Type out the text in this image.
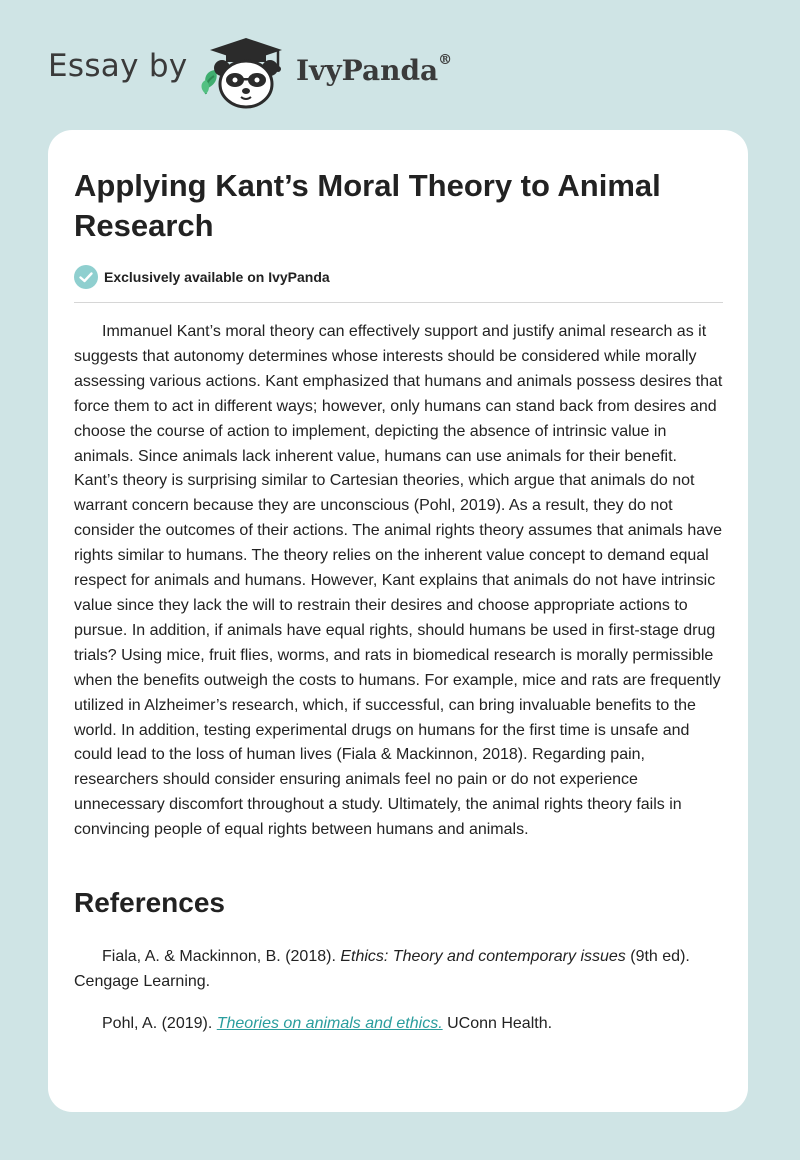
Essay by	IvyPanda®
Applying Kant’s Moral Theory to Animal Research
Exclusively available on IvyPanda

Immanuel Kant’s moral theory can effectively support and justify animal research as it suggests that autonomy determines whose interests should be considered while morally assessing various actions. Kant emphasized that humans and animals possess desires that force them to act in different ways; however, only humans can stand back from desires and choose the course of action to implement, depicting the absence of intrinsic value in animals. Since animals lack inherent value, humans can use animals for their benefit. Kant’s theory is surprising similar to Cartesian theories, which argue that animals do not warrant concern because they are unconscious (Pohl, 2019). As a result, they do not consider the outcomes of their actions. The animal rights theory assumes that animals have rights similar to humans. The theory relies on the inherent value concept to demand equal respect for animals and humans. However, Kant explains that animals do not have intrinsic value since they lack the will to restrain their desires and choose appropriate actions to pursue. In addition, if animals have equal rights, should humans be used in first-stage drug trials? Using mice, fruit flies, worms, and rats in biomedical research is morally permissible when the benefits outweigh the costs to humans. For example, mice and rats are frequently utilized in Alzheimer’s research, which, if successful, can bring invaluable benefits to the world. In addition, testing experimental drugs on humans for the first time is unsafe and could lead to the loss of human lives (Fiala & Mackinnon, 2018). Regarding pain, researchers should consider ensuring animals feel no pain or do not experience unnecessary discomfort throughout a study. Ultimately, the animal rights theory fails in convincing people of equal rights between humans and animals.

References

Fiala, A. & Mackinnon, B. (2018). Ethics: Theory and contemporary issues (9th ed). Cengage Learning.

Pohl, A. (2019). Theories on animals and ethics. UConn Health.
